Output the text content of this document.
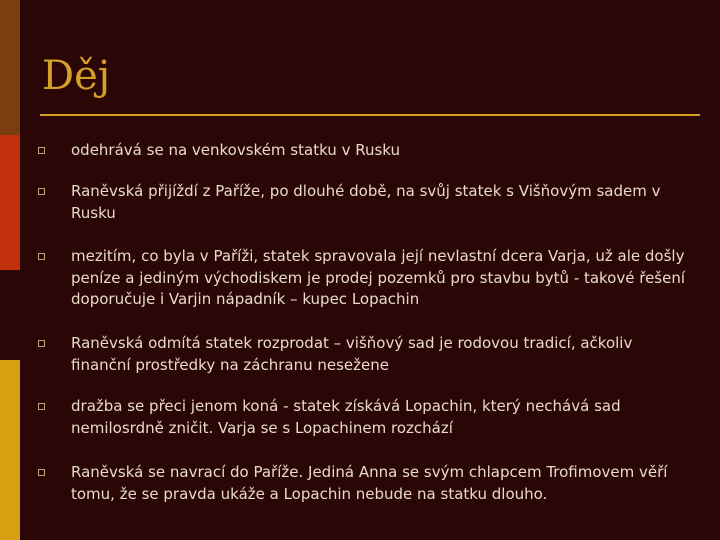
Děj
odehrává se na venkovském statku v Rusku
Raněvská přijíždí z Paříže, po dlouhé době, na svůj statek s Višňovým sadem v Rusku
mezitím, co byla v Paříži, statek spravovala její nevlastní dcera Varja, už ale došly peníze a jediným východiskem je prodej pozemků pro stavbu bytů - takové řešení doporučuje i Varjin nápadník – kupec Lopachin
Raněvská odmítá statek rozprodat – višňový sad je rodovou tradicí, ačkoliv finanční prostředky na záchranu nesežene
dražba se přeci jenom koná - statek získává Lopachin, který nechává sad nemilosrdně zničit. Varja se s Lopachinem rozchází
Raněvská se navrací do Paříže. Jediná Anna se svým chlapcem Trofimovem věří tomu, že se pravda ukáže a Lopachin nebude na statku dlouho.
